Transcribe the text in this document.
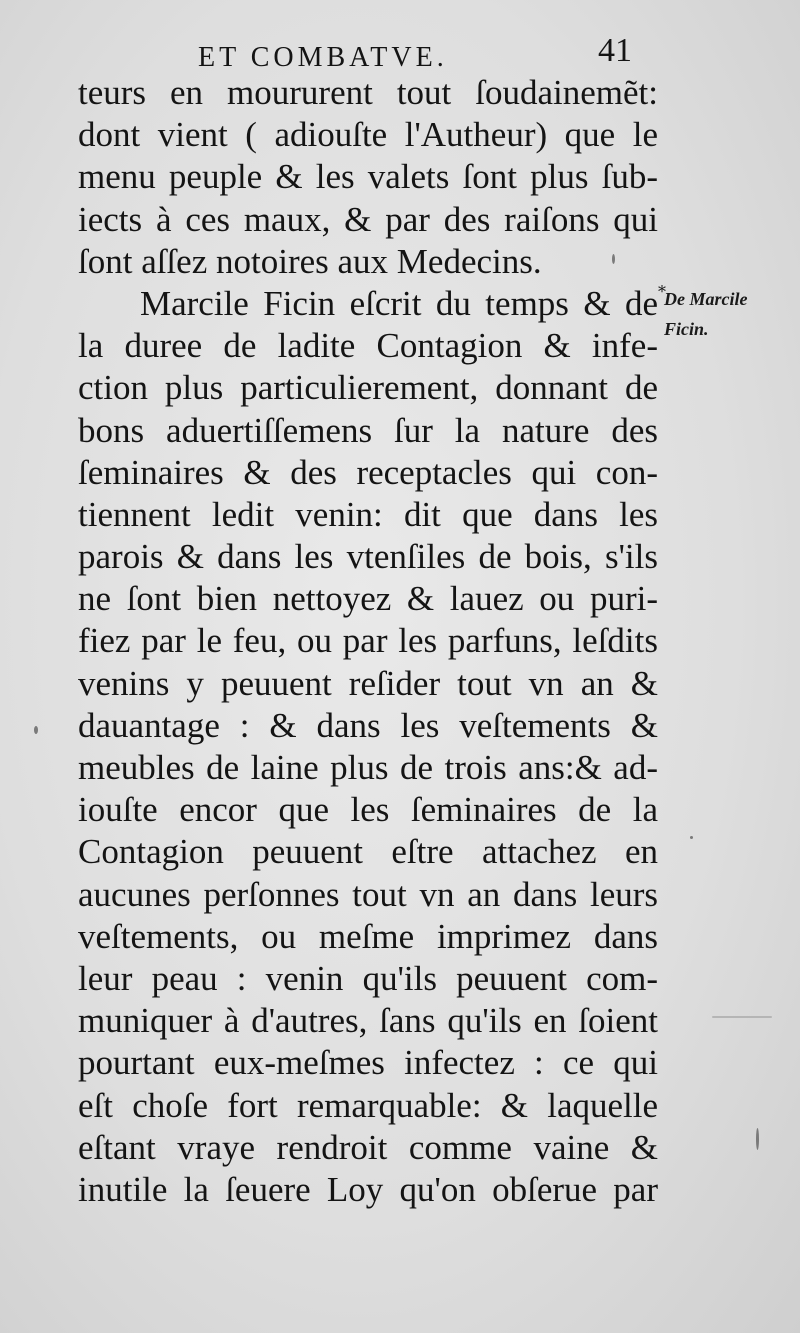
ET COMBATVE.	41
teurs en moururent tout ſoudainemẽt:
dont vient ( adiouſte l'Autheur) que le
menu peuple & les valets ſont plus ſub-
iects à ces maux, & par des raiſons qui
ſont aſſez notoires aux Medecins.
Marcile Ficin eſcrit du temps & de
la duree de ladite Contagion & infe-
ction plus particulierement, donnant de
bons aduertiſſemens ſur la nature des
ſeminaires & des receptacles qui con-
tiennent ledit venin: dit que dans les
parois & dans les vtenſiles de bois, s'ils
ne ſont bien nettoyez & lauez ou puri-
fiez par le feu, ou par les parfuns, leſdits
venins y peuuent reſider tout vn an &
dauantage : & dans les veſtements &
meubles de laine plus de trois ans:& ad-
iouſte encor que les ſeminaires de la
Contagion peuuent eſtre attachez en
aucunes perſonnes tout vn an dans leurs
veſtements, ou meſme imprimez dans
leur peau : venin qu'ils peuuent com-
muniquer à d'autres, ſans qu'ils en ſoient
pourtant eux-meſmes infectez : ce qui
eſt choſe fort remarquable: & laquelle
eſtant vraye rendroit comme vaine &
inutile la ſeuere Loy qu'on obſerue par
*
De Marcile
Ficin.
